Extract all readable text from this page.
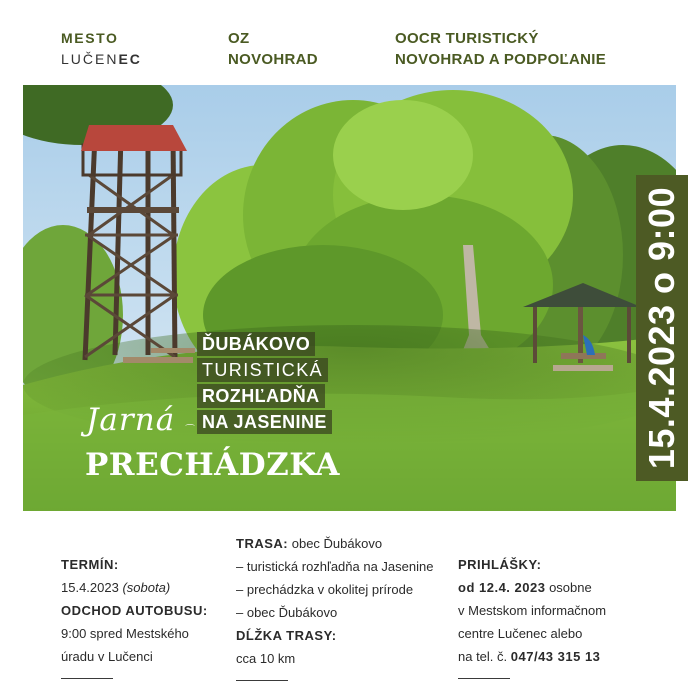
MESTO
LUČENEC
OZ
NOVOHRAD
OOCR TURISTICKÝ
NOVOHRAD A PODPOĽANIE
15.4.2023 o 9:00
ĎUBÁKOVO
TURISTICKÁ
ROZHĽADŇA
NA JASENINE
Jarná ⌒
PRECHÁDZKA
TERMÍN:
15.4.2023 (sobota)
ODCHOD AUTOBUSU:
9:00 spred Mestského
úradu v Lučenci
TRASA: obec Ďubákovo
– turistická rozhľadňa na Jasenine
– prechádzka v okolitej prírode
– obec Ďubákovo
DĹŽKA TRASY:
cca 10 km
PRIHLÁŠKY:
od 12.4. 2023 osobne
v Mestskom informačnom
centre Lučenec alebo
na tel. č. 047/43 315 13
